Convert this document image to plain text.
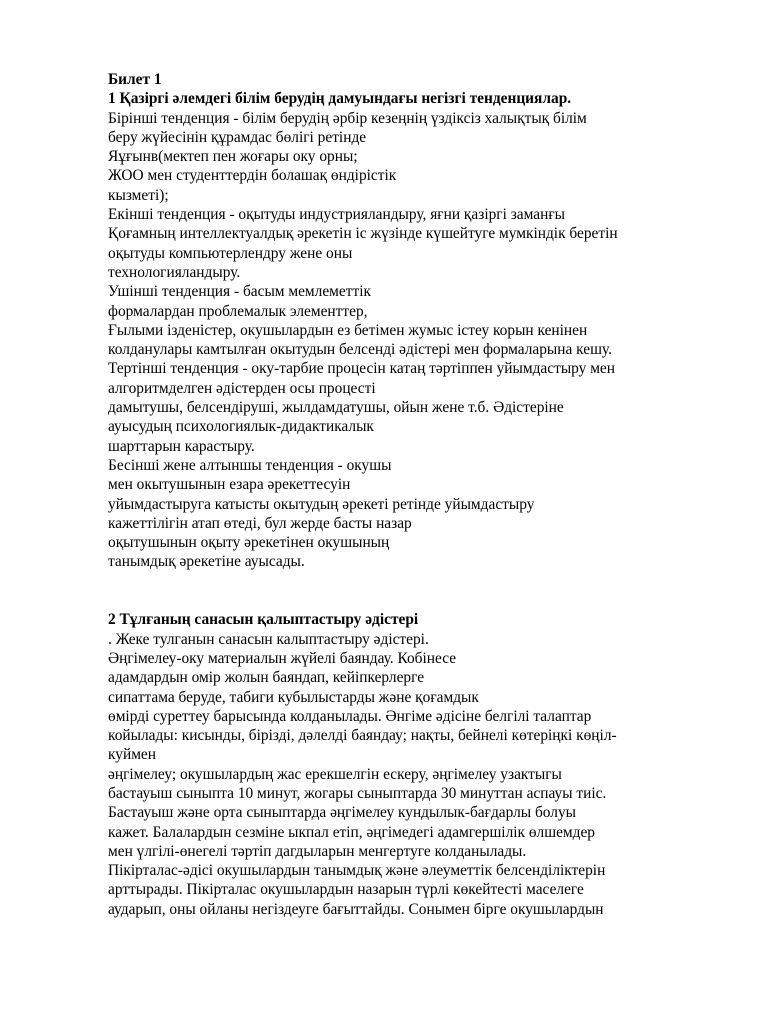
Билет 1
1 Қазіргі әлемдегі білім берудің дамуындағы негізгі тенденциялар.
Бірінші тенденция - білім берудің әрбір кезеңнің үздіксіз халықтық білім
беру жүйесінін құрамдас бөлігі ретінде
Яұғынв(мектеп пен жоғары оку орны;
ЖОО мен студенттердін болашақ өндірістік
кызметі);
Екінші тенденция - оқытуды индустрияландыру, яғни қазіргі заманғы
Қоғамның интеллектуалдық әрекетін іс жүзінде күшейтуге мумкіндік беретін
оқытуды компьютерлендру жене оны
технологияландыру.
Ушінші тенденция - басым мемлеметтік
формалардан проблемалык элементтер,
Ғылыми ізденістер, окушылардын ез бетімен жумыс істеу корын кенінен
колданулары камтылған окытудын белсенді әдістері мен формаларына кешу.
Тертінші тенденция - оку-тарбие процесін катаң тәртіппен уйымдастыру мен
алгоритмделген әдістерден осы процесті
дамытушы, белсендіруші, жылдамдатушы, ойын жене т.б. Әдістеріне
ауысудың психологиялык-дидактикалык
шарттарын карастыру.
Бесінші жене алтыншы тенденция - окушы
мен окытушынын езара әрекеттесуін
уйымдастыруга катысты окытудың әрекеті ретінде уйымдастыру
кажеттілігін атап өтеді, бул жерде басты назар
оқытушынын оқыту әрекетінен окушының
танымдық әрекетіне ауысады.
2 Тұлғаның санасын қалыптастыру әдістері
. Жеке тулганын санасын калыптастыру әдістері.
Әңгімелеу-оку материалын жүйелі баяндау. Кобінесе
адамдардын омір жолын баяндап, кейіпкерлерге
сипаттама беруде, табиги кубылыстарды және қоғамдык
өмірді суреттеу барысында колданылады. Әнгіме әдісіне белгілі талаптар
койылады: кисынды, бірізді, дәлелді баяндау; нақты, бейнелі көтеріңкі көңіл-
куймен
әңгімелеу; окушылардың жас ерекшелгін ескеру, әңгімелеу узактыгы
бастауыш сыныпта 10 минут, жогары сыныптарда 30 минуттан аспауы тиіс.
Бастауыш және орта сыныптарда әңгімелеу кундылык-бағдарлы болуы
кажет. Балалардын сезміне ыкпал етіп, әңгімедегі адамгершілік өлшемдер
мен үлгілі-өнегелі тәртіп дагдыларын менгертуге колданылады.
Пікірталас-әдісі окушылардын танымдық және әлеуметтік белсенділіктерін
арттырады. Пікірталас окушылардын назарын түрлі көкейтесті маселеге
аударып, оны ойланы негіздеуге бағыттайды. Сонымен бірге окушылардын
